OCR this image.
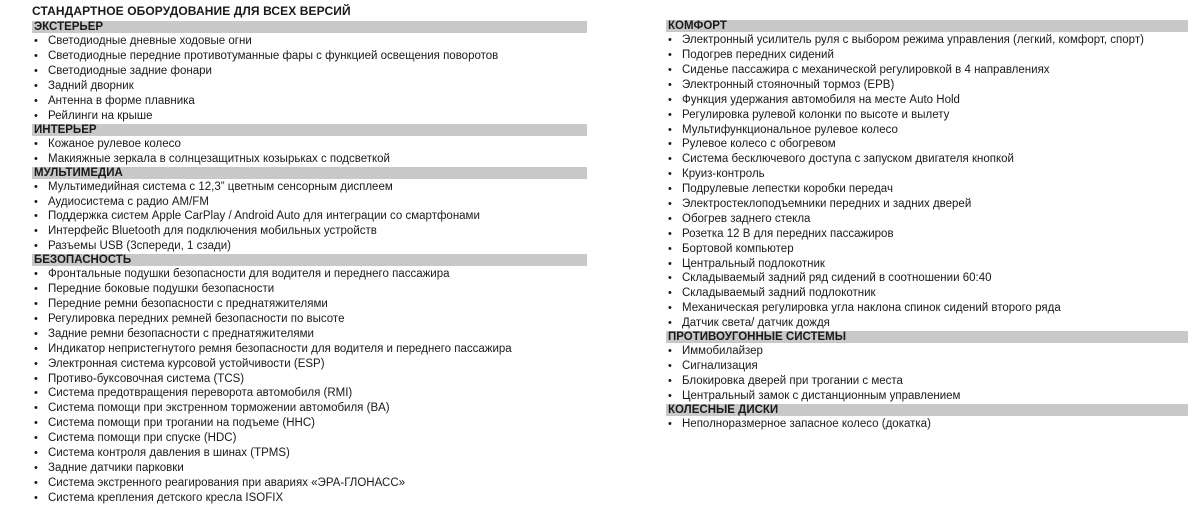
СТАНДАРТНОЕ ОБОРУДОВАНИЕ ДЛЯ ВСЕХ ВЕРСИЙ
ЭКСТЕРЬЕР
• Светодиодные дневные ходовые огни
• Светодиодные передние противотуманные фары с функцией освещения поворотов
• Светодиодные задние фонари
• Задний дворник
• Антенна в форме плавника
• Рейлинги на крыше
ИНТЕРЬЕР
• Кожаное рулевое колесо
• Макияжные зеркала в солнцезащитных козырьках с подсветкой
МУЛЬТИМЕДИА
• Мультимедийная система с 12,3” цветным сенсорным дисплеем
• Аудиосистема с радио AM/FM
• Поддержка систем Apple CarPlay / Android Auto для интеграции со смартфонами
• Интерфейс Bluetooth для подключения мобильных устройств
• Разъемы USB (3спереди, 1 сзади)
БЕЗОПАСНОСТЬ
• Фронтальные подушки безопасности для водителя и переднего пассажира
• Передние боковые подушки безопасности
• Передние ремни безопасности с преднатяжителями
• Регулировка передних ремней безопасности по высоте
• Задние ремни безопасности с преднатяжителями
• Индикатор непристегнутого ремня безопасности для водителя и переднего пассажира
• Электронная система курсовой устойчивости (ESP)
• Противо-буксовочная система (TCS)
• Система предотвращения переворота автомобиля (RMI)
• Система помощи при экстренном торможении автомобиля (BA)
• Система помощи при трогании на подъеме (HHC)
• Система помощи при спуске (HDC)
• Система контроля давления в шинах (TPMS)
• Задние датчики парковки
• Система экстренного реагирования при авариях «ЭРА-ГЛОНАСС»
• Система крепления детского кресла ISOFIX
КОМФОРТ
• Электронный усилитель руля с выбором режима управления (легкий, комфорт, спорт)
• Подогрев передних сидений
• Сиденье пассажира с механической регулировкой в 4 направлениях
• Электронный стояночный тормоз (EPB)
• Функция удержания автомобиля на месте Auto Hold
• Регулировка рулевой колонки по высоте и вылету
• Мультифункциональное рулевое колесо
• Рулевое колесо с обогревом
• Система бесключевого доступа с запуском двигателя кнопкой
• Круиз-контроль
• Подрулевые лепестки коробки передач
• Электростеклоподъемники передних и задних дверей
• Обогрев заднего стекла
• Розетка 12 В для передних пассажиров
• Бортовой компьютер
• Центральный подлокотник
• Складываемый задний ряд сидений в соотношении 60:40
• Складываемый задний подлокотник
• Механическая регулировка угла наклона спинок сидений второго ряда
• Датчик света/ датчик дождя
ПРОТИВОУГОННЫЕ СИСТЕМЫ
• Иммобилайзер
• Сигнализация
• Блокировка дверей при трогании с места
• Центральный замок с дистанционным управлением
КОЛЕСНЫЕ ДИСКИ
• Неполноразмерное запасное колесо (докатка)
